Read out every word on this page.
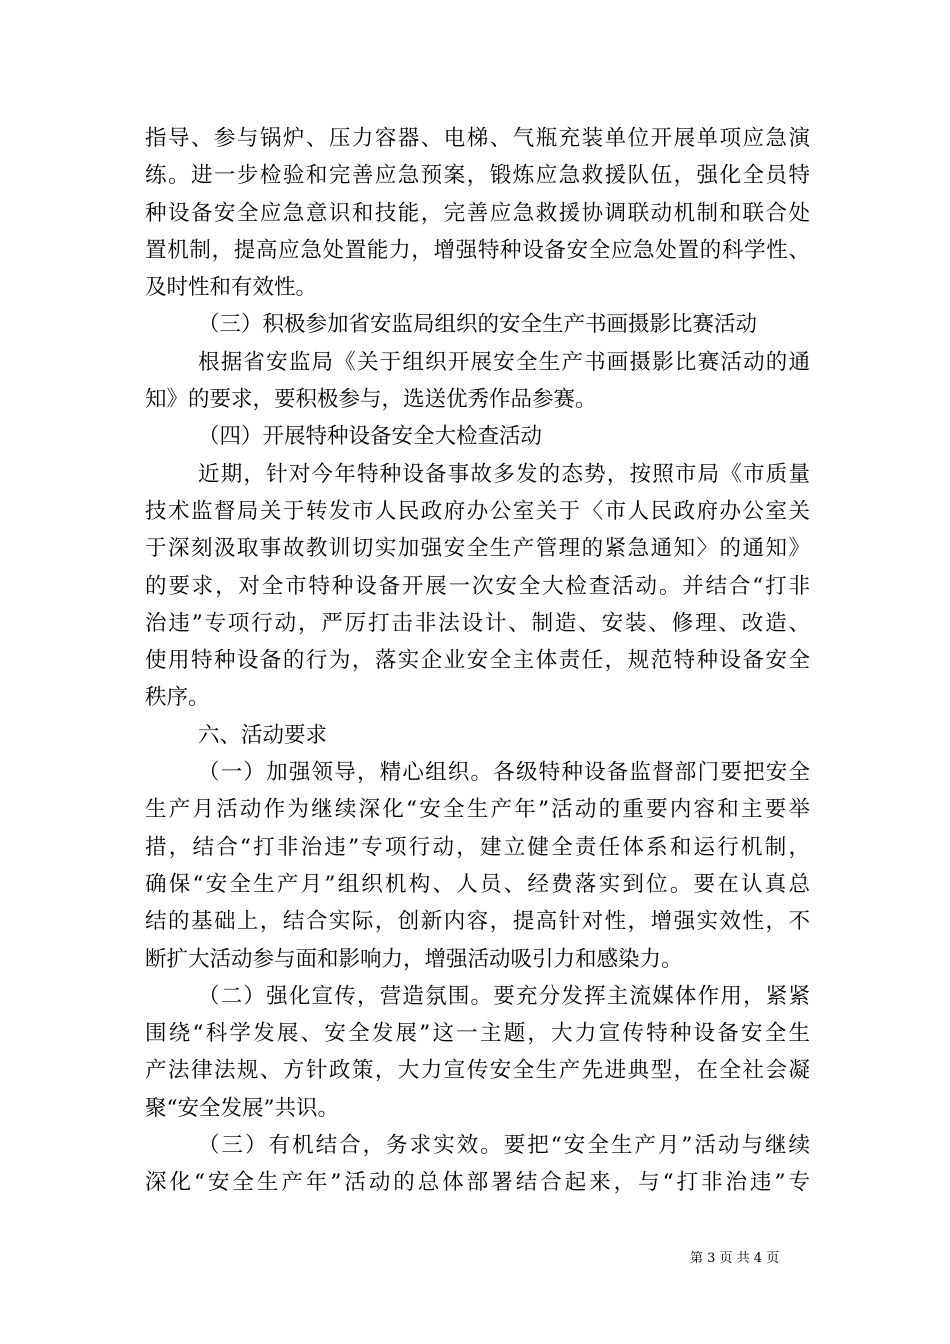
指导、参与锅炉、压力容器、电梯、气瓶充装单位开展单项应急演
练。进一步检验和完善应急预案，锻炼应急救援队伍，强化全员特
种设备安全应急意识和技能，完善应急救援协调联动机制和联合处
置机制，提高应急处置能力，增强特种设备安全应急处置的科学性、
及时性和有效性。
（三）积极参加省安监局组织的安全生产书画摄影比赛活动
根据省安监局《关于组织开展安全生产书画摄影比赛活动的通
知》的要求，要积极参与，选送优秀作品参赛。
（四）开展特种设备安全大检查活动
近期，针对今年特种设备事故多发的态势，按照市局《市质量
技术监督局关于转发市人民政府办公室关于〈市人民政府办公室关
于深刻汲取事故教训切实加强安全生产管理的紧急通知〉的通知》
的要求，对全市特种设备开展一次安全大检查活动。并结合“打非
治违”专项行动，严厉打击非法设计、制造、安装、修理、改造、
使用特种设备的行为，落实企业安全主体责任，规范特种设备安全
秩序。
六、活动要求
（一）加强领导，精心组织。各级特种设备监督部门要把安全
生产月活动作为继续深化“安全生产年”活动的重要内容和主要举
措，结合“打非治违”专项行动，建立健全责任体系和运行机制，
确保“安全生产月”组织机构、人员、经费落实到位。要在认真总
结的基础上，结合实际，创新内容，提高针对性，增强实效性，不
断扩大活动参与面和影响力，增强活动吸引力和感染力。
（二）强化宣传，营造氛围。要充分发挥主流媒体作用，紧紧
围绕“科学发展、安全发展”这一主题，大力宣传特种设备安全生
产法律法规、方针政策，大力宣传安全生产先进典型，在全社会凝
聚“安全发展”共识。
（三）有机结合，务求实效。要把“安全生产月”活动与继续
深化“安全生产年”活动的总体部署结合起来，与“打非治违”专
第 3 页 共 4 页
